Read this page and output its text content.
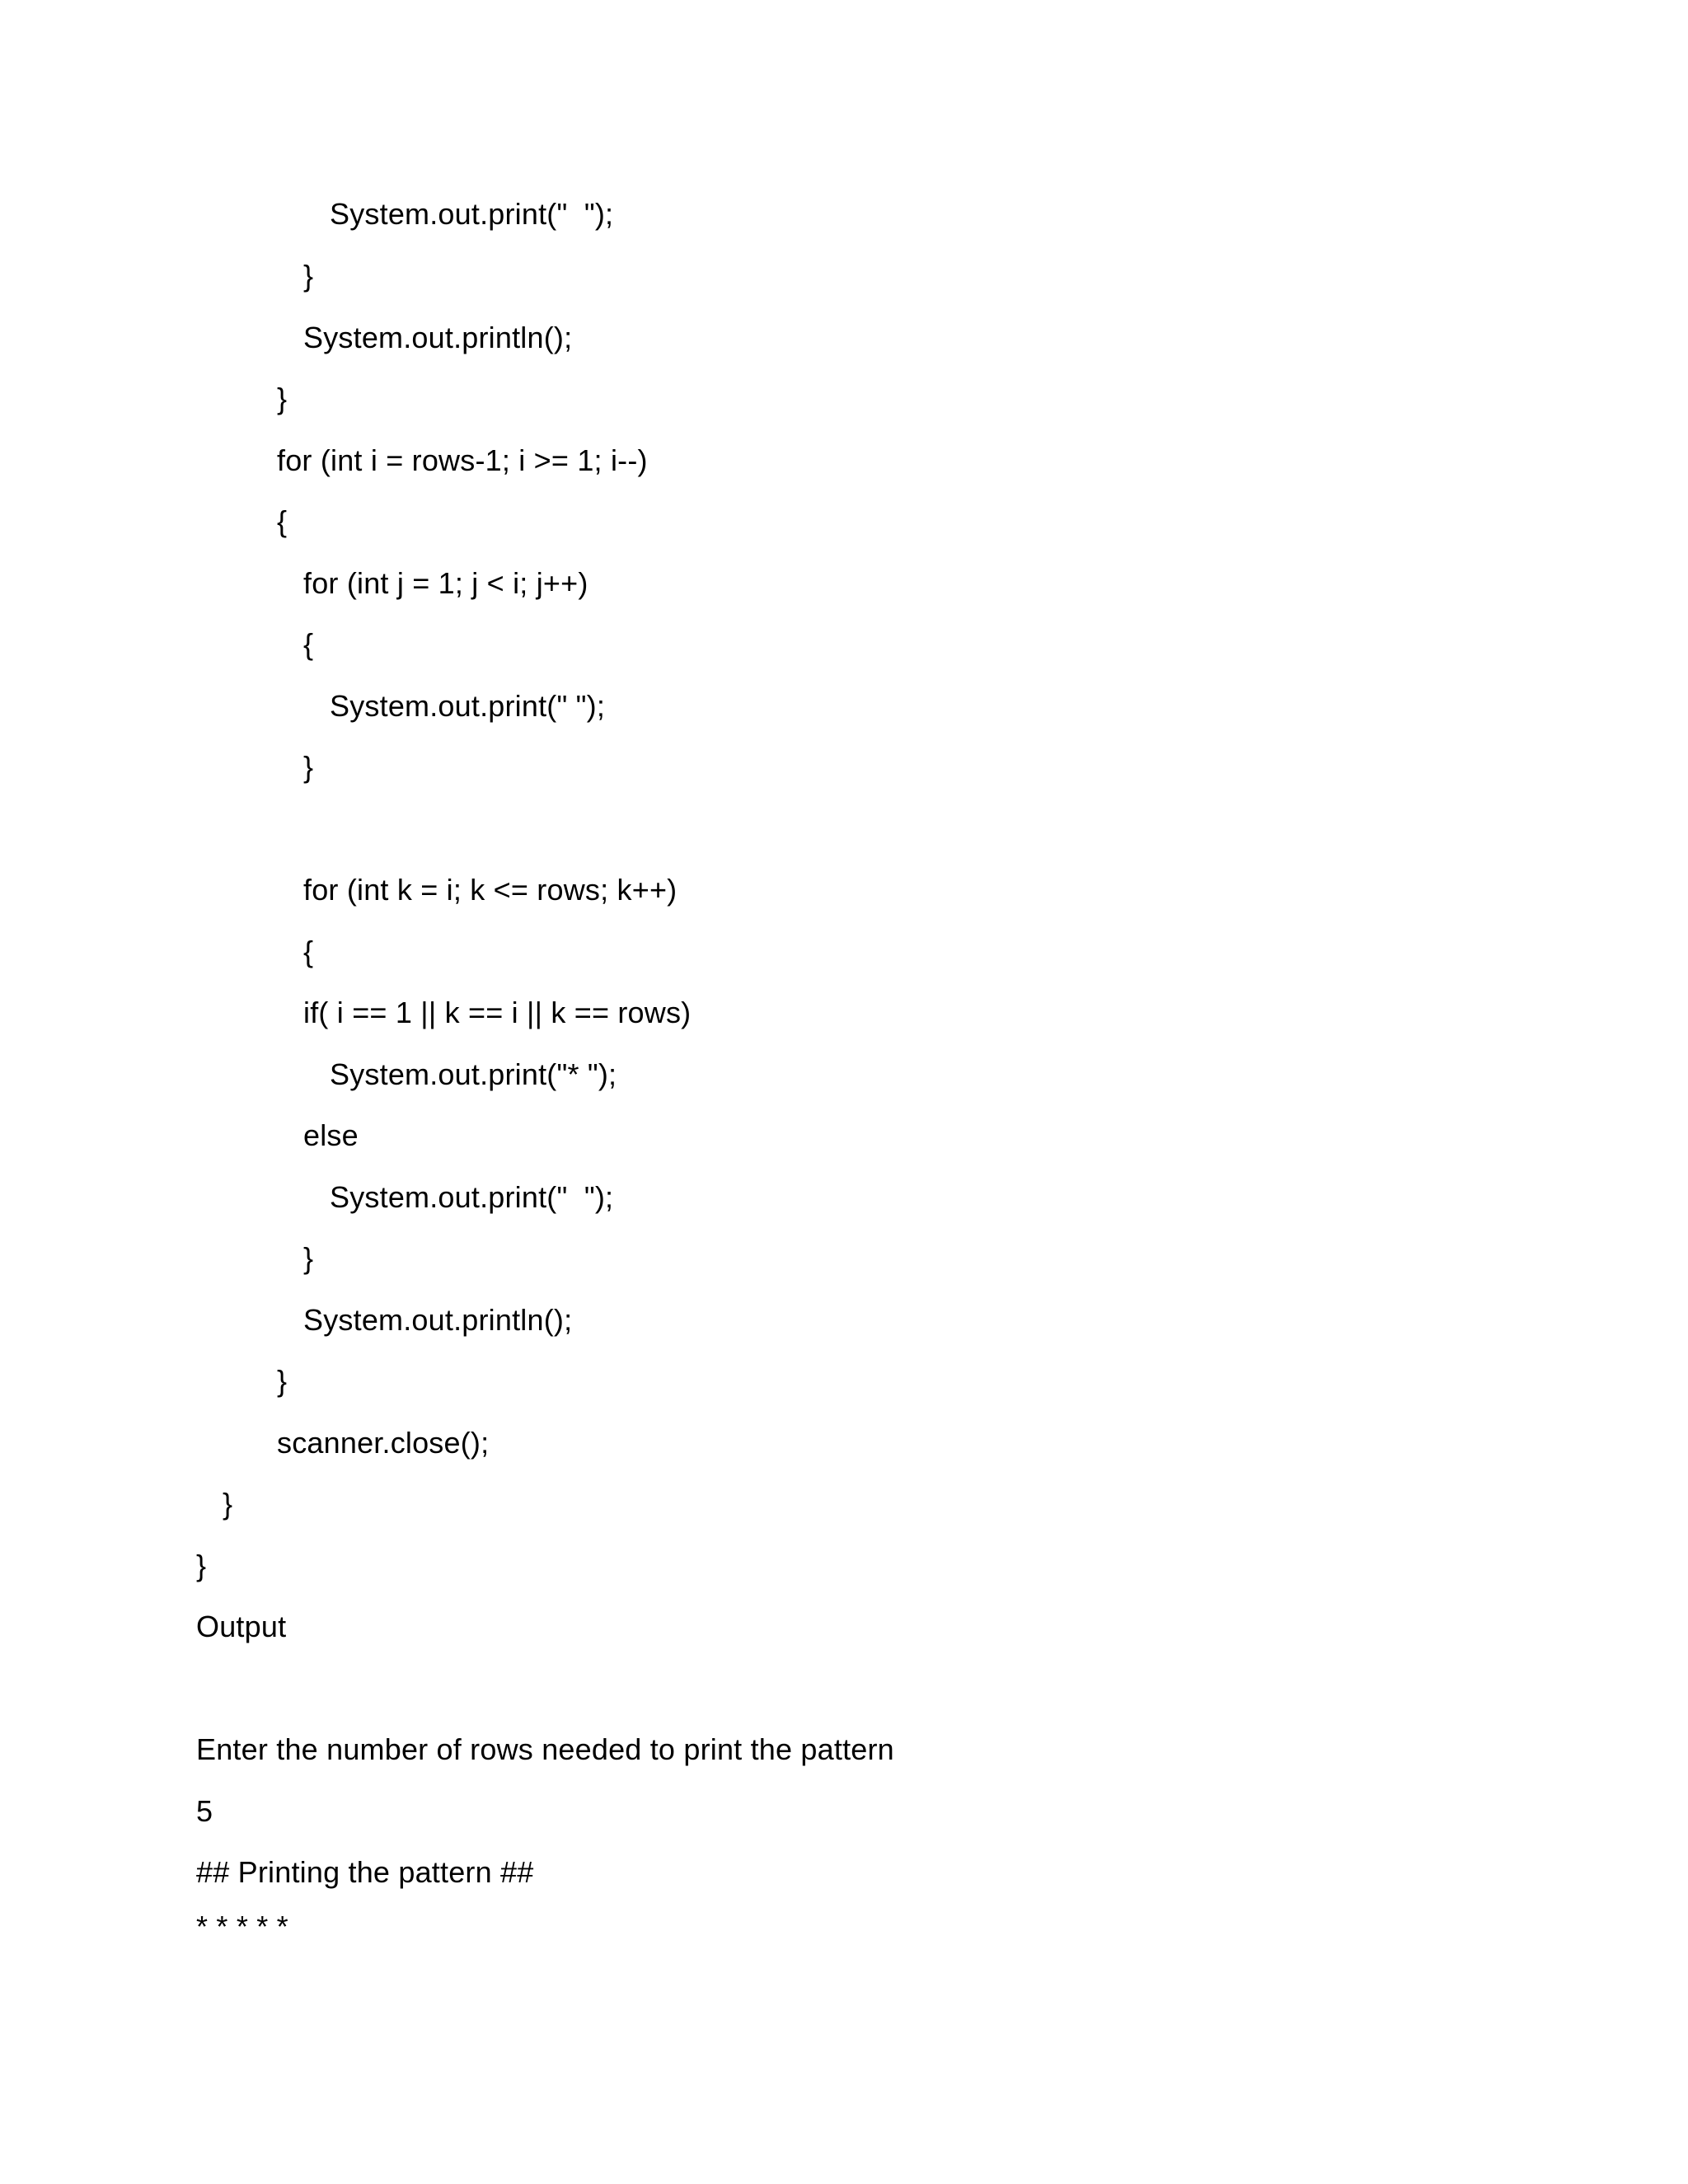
System.out.print("  ");
}
System.out.println();
}
for (int i = rows-1; i >= 1; i--)
{
for (int j = 1; j < i; j++)
{
System.out.print(" ");
}
for (int k = i; k <= rows; k++)
{
if( i == 1 || k == i || k == rows)
System.out.print("* ");
else
System.out.print("  ");
}
System.out.println();
}
scanner.close();
}
}
Output
Enter the number of rows needed to print the pattern
5
## Printing the pattern ##
* * * * *
